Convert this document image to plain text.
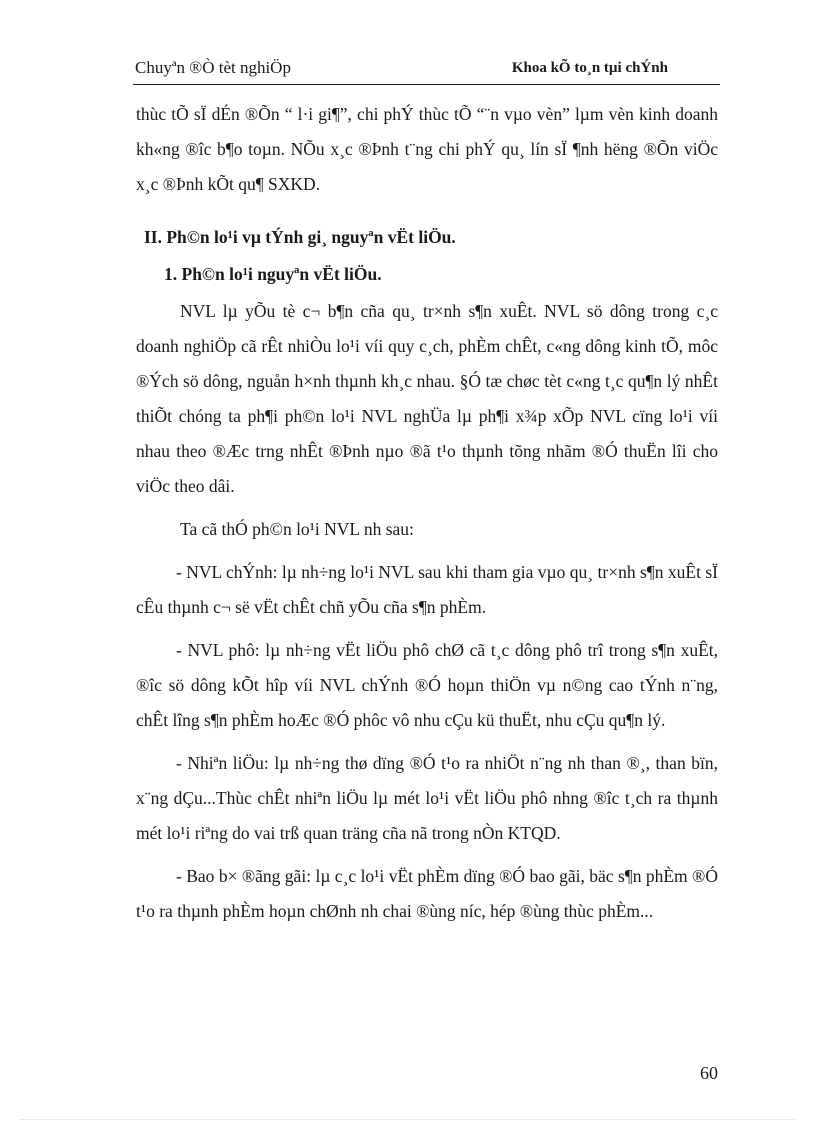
Chuyªn ®Ò tèt nghiÖp	Khoa kÕ to¸n tµi chÝnh

thùc tÕ sÏ dÉn ®Õn “ l·i gi¶”, chi phÝ thùc tÕ “¨n vµo vèn” lµm vèn kinh doanh kh«ng ®îc b¶o toµn. NÕu x¸c ®Þnh t¨ng chi phÝ qu¸ lín sÏ ¶nh hëng ®Õn viÖc x¸c ®Þnh kÕt qu¶ SXKD.

II. Ph©n lo¹i vµ tÝnh gi¸ nguyªn vËt liÖu.

1. Ph©n lo¹i nguyªn vËt liÖu.

NVL lµ yÕu tè c¬ b¶n cña qu¸ tr×nh s¶n xuÊt. NVL sö dông trong c¸c doanh nghiÖp cã rÊt nhiÒu lo¹i víi quy c¸ch, phÈm chÊt, c«ng dông kinh tÕ, môc ®Ých sö dông, nguån h×nh thµnh kh¸c nhau. §Ó tæ chøc tèt c«ng t¸c qu¶n lý nhÊt thiÕt chóng ta ph¶i ph©n lo¹i NVL nghÜa lµ ph¶i x¾p xÕp NVL cïng lo¹i víi nhau theo ®Æc trng nhÊt ®Þnh nµo ®ã t¹o thµnh tõng nhãm ®Ó thuËn lîi cho viÖc theo dâi.

Ta cã thÓ ph©n lo¹i NVL nh sau:

- NVL chÝnh: lµ nh÷ng lo¹i NVL sau khi tham gia vµo qu¸ tr×nh s¶n xuÊt sÏ cÊu thµnh c¬ së vËt chÊt chñ yÕu cña s¶n phÈm.

- NVL phô: lµ nh÷ng vËt liÖu phô chØ cã t¸c dông phô trî trong s¶n xuÊt, ®îc sö dông kÕt hîp víi NVL chÝnh ®Ó hoµn thiÖn vµ n©ng cao tÝnh n¨ng, chÊt lîng s¶n phÈm hoÆc ®Ó phôc vô nhu cÇu kü thuËt, nhu cÇu qu¶n lý.

- Nhiªn liÖu: lµ nh÷ng thø dïng ®Ó t¹o ra nhiÖt n¨ng nh than ®¸, than bïn, x¨ng dÇu...Thùc chÊt nhiªn liÖu lµ mét lo¹i vËt liÖu phô nhng ®îc t¸ch ra thµnh mét lo¹i riªng do vai trß quan träng cña nã trong nÒn KTQD.

- Bao b× ®ãng gãi: lµ c¸c lo¹i vËt phÈm dïng ®Ó bao gãi, bäc s¶n phÈm ®Ó t¹o ra thµnh phÈm hoµn chØnh nh chai ®ùng níc, hép ®ùng thùc phÈm...

60
